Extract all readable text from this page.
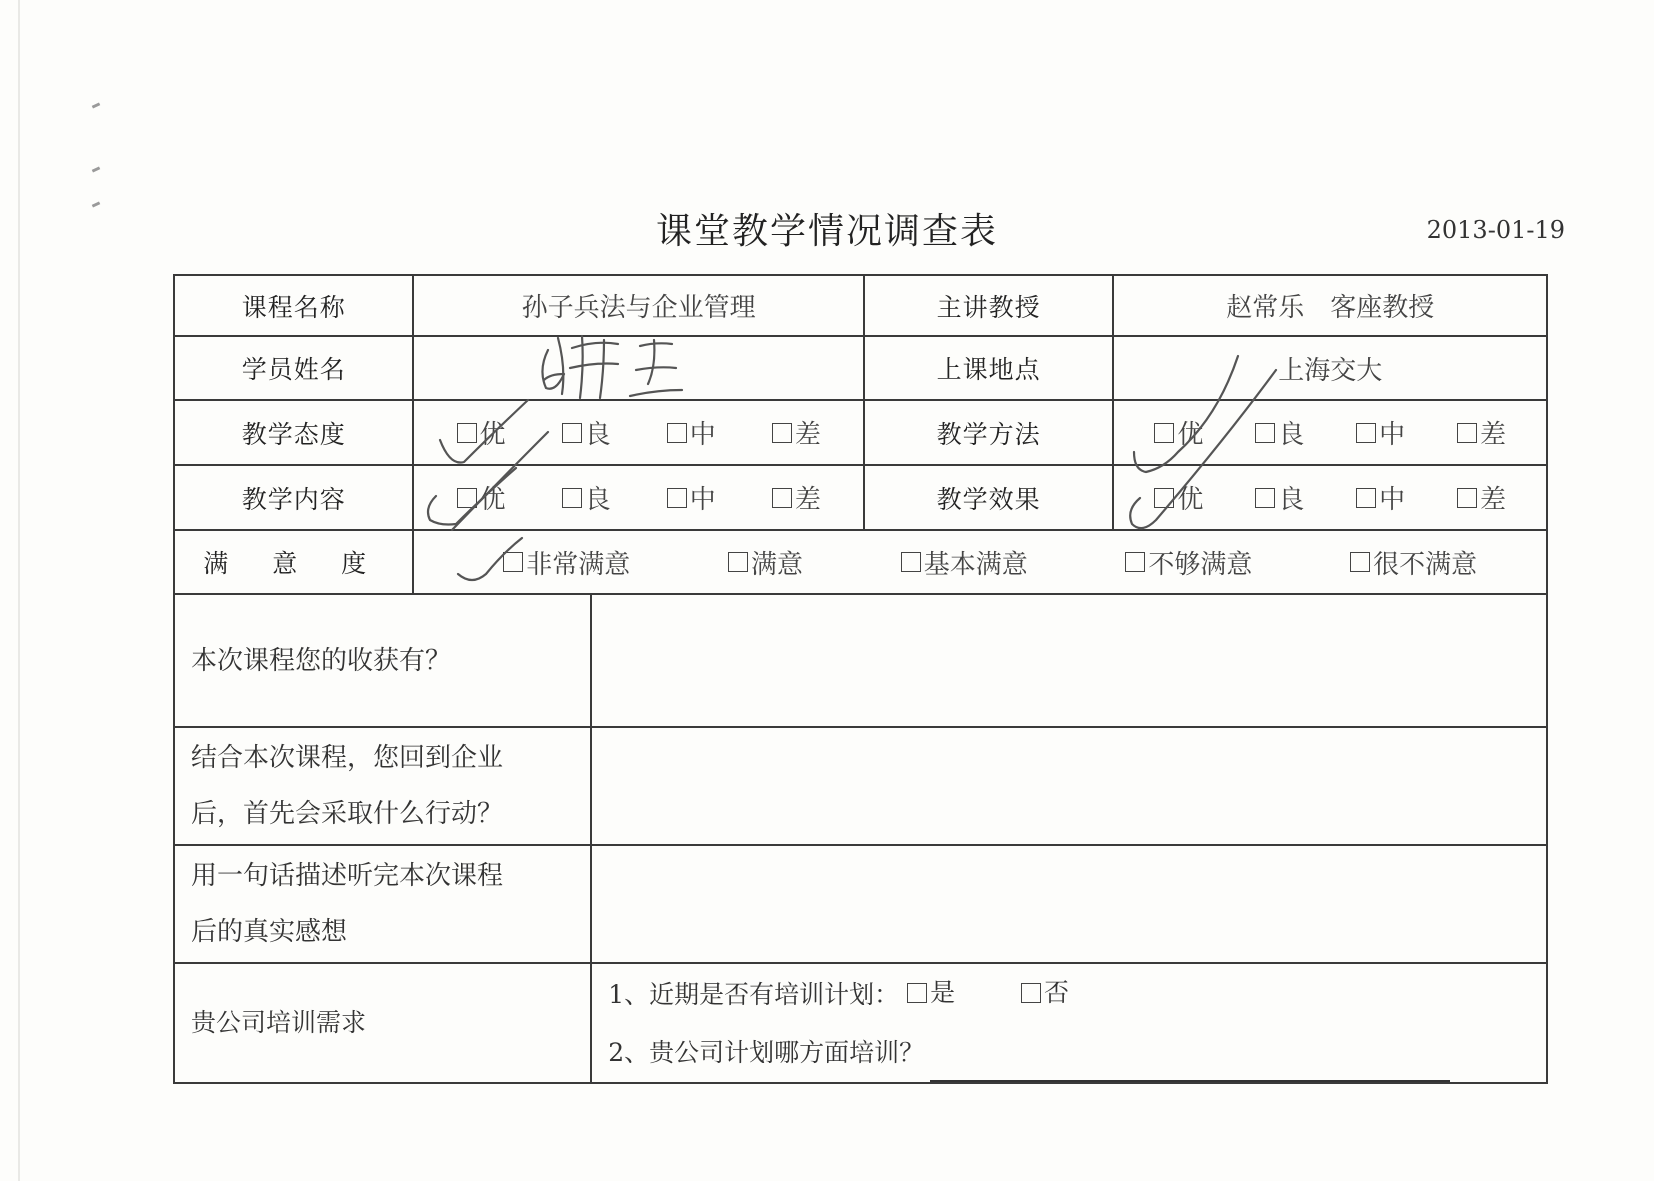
课堂教学情况调查表	2013-01-19
课程名称	孙子兵法与企业管理		主讲教授	赵常乐　客座教授
学员姓名			上课地点	上海交大
教学态度	优 良 中 差		教学方法	优 良 中 差

教学内容	优 良 中 差		教学效果	优 良 中 差

满 意 度	非常满意 满意 基本满意 不够满意 很不满意			

本次课程您的收获有？				

结合本次课程，您回到企业
后，首先会采取什么行动？				

用一句话描述听完本次课程
后的真实感想				

贵公司培训需求		1、近期是否有培训计划： 是
否
2、贵公司计划哪方面培训？		
